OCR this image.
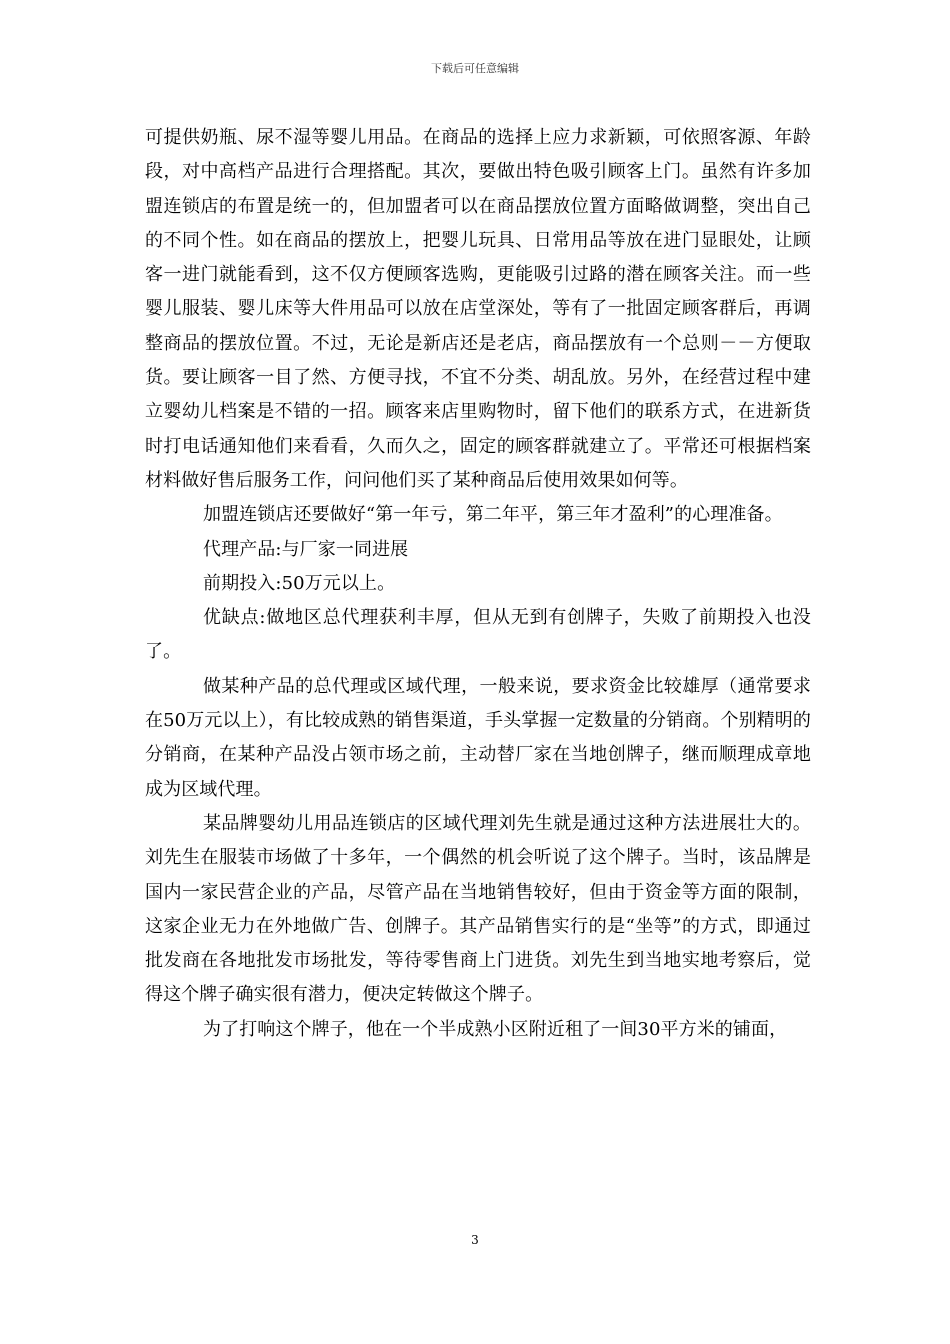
下载后可任意编辑

可提供奶瓶、尿不湿等婴儿用品。在商品的选择上应力求新颖，可依照客源、年龄段，对中高档产品进行合理搭配。其次，要做出特色吸引顾客上门。虽然有许多加盟连锁店的布置是统一的，但加盟者可以在商品摆放位置方面略做调整，突出自己的不同个性。如在商品的摆放上，把婴儿玩具、日常用品等放在进门显眼处，让顾客一进门就能看到，这不仅方便顾客选购，更能吸引过路的潜在顾客关注。而一些婴儿服装、婴儿床等大件用品可以放在店堂深处，等有了一批固定顾客群后，再调整商品的摆放位置。不过，无论是新店还是老店，商品摆放有一个总则－－方便取货。要让顾客一目了然、方便寻找，不宜不分类、胡乱放。另外，在经营过程中建立婴幼儿档案是不错的一招。顾客来店里购物时，留下他们的联系方式，在进新货时打电话通知他们来看看，久而久之，固定的顾客群就建立了。平常还可根据档案材料做好售后服务工作，问问他们买了某种商品后使用效果如何等。

加盟连锁店还要做好“第一年亏，第二年平，第三年才盈利”的心理准备。

代理产品:与厂家一同进展

前期投入:50万元以上。

优缺点:做地区总代理获利丰厚，但从无到有创牌子，失败了前期投入也没了。

做某种产品的总代理或区域代理，一般来说，要求资金比较雄厚（通常要求在50万元以上），有比较成熟的销售渠道，手头掌握一定数量的分销商。个别精明的分销商，在某种产品没占领市场之前，主动替厂家在当地创牌子，继而顺理成章地成为区域代理。

某品牌婴幼儿用品连锁店的区域代理刘先生就是通过这种方法进展壮大的。刘先生在服装市场做了十多年，一个偶然的机会听说了这个牌子。当时，该品牌是国内一家民营企业的产品，尽管产品在当地销售较好，但由于资金等方面的限制，这家企业无力在外地做广告、创牌子。其产品销售实行的是“坐等”的方式，即通过批发商在各地批发市场批发，等待零售商上门进货。刘先生到当地实地考察后，觉得这个牌子确实很有潜力，便决定转做这个牌子。

为了打响这个牌子，他在一个半成熟小区附近租了一间30平方米的铺面，

3
